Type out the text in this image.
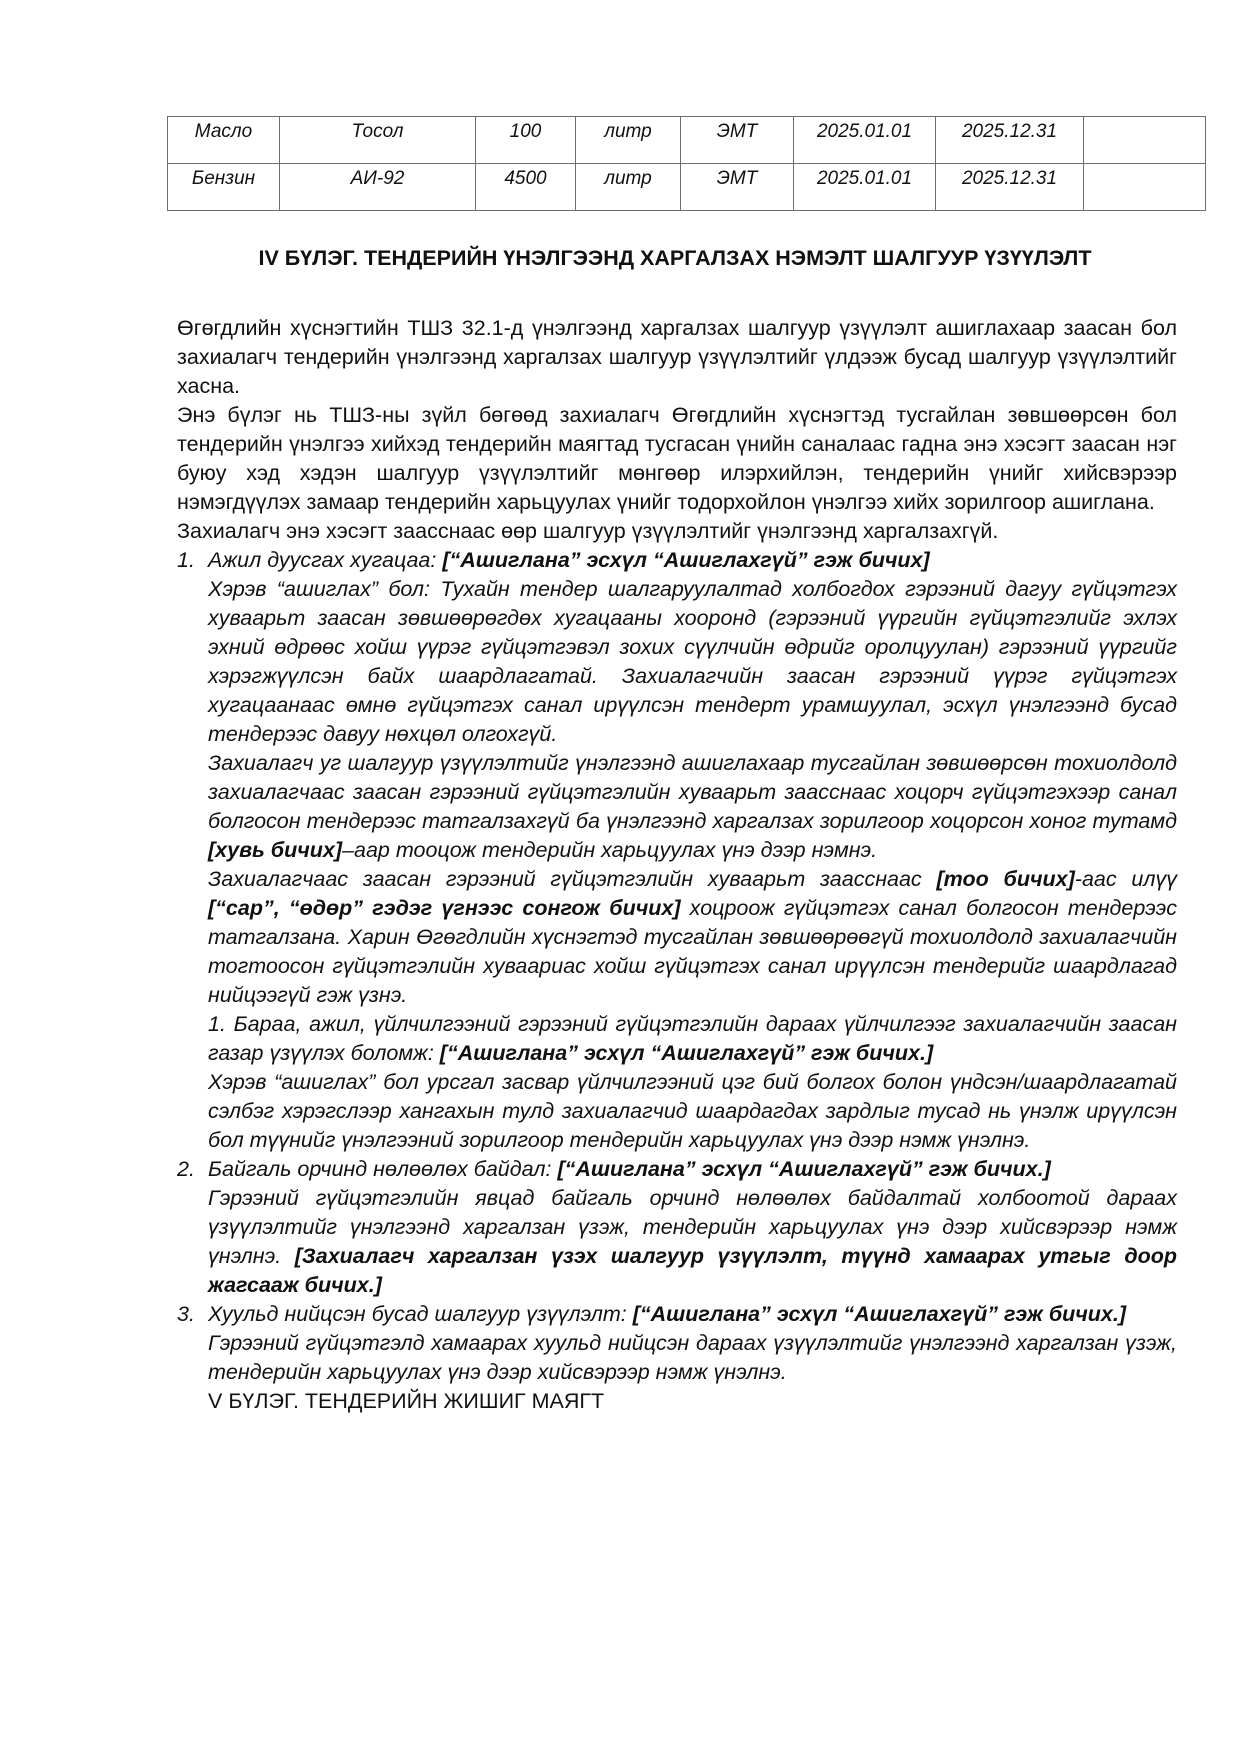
Масло	Тосол	100	литр	ЭМТ	2025.01.01	2025.12.31	
Бензин	АИ-92	4500	литр	ЭМТ	2025.01.01	2025.12.31	
IV БҮЛЭГ. ТЕНДЕРИЙН ҮНЭЛГЭЭНД ХАРГАЛЗАХ НЭМЭЛТ ШАЛГУУР ҮЗҮҮЛЭЛТ

Өгөгдлийн хүснэгтийн ТШЗ 32.1-д үнэлгээнд харгалзах шалгуур үзүүлэлт ашиглахаар заасан бол захиалагч тендерийн үнэлгээнд харгалзах шалгуур үзүүлэлтийг үлдээж бусад шалгуур үзүүлэлтийг хасна.

Энэ бүлэг нь ТШЗ-ны зүйл бөгөөд захиалагч Өгөгдлийн хүснэгтэд тусгайлан зөвшөөрсөн бол тендерийн үнэлгээ хийхэд тендерийн маягтад тусгасан үнийн саналаас гадна энэ хэсэгт заасан нэг буюу хэд хэдэн шалгуур үзүүлэлтийг мөнгөөр илэрхийлэн, тендерийн үнийг хийсвэрээр нэмэгдүүлэх замаар тендерийн харьцуулах үнийг тодорхойлон үнэлгээ хийх зорилгоор ашиглана.

Захиалагч энэ хэсэгт заасснаас өөр шалгуур үзүүлэлтийг үнэлгээнд харгалзахгүй.

1. Ажил дуусгах хугацаа: [“Ашиглана” эсхүл “Ашиглахгүй” гэж бичих]

Хэрэв “ашиглах” бол: Тухайн тендер шалгаруулалтад холбогдох гэрээний дагуу гүйцэтгэх хуваарьт заасан зөвшөөрөгдөх хугацааны хооронд (гэрээний үүргийн гүйцэтгэлийг эхлэх эхний өдрөөс хойш үүрэг гүйцэтгэвэл зохих сүүлчийн өдрийг оролцуулан) гэрээний үүргийг хэрэгжүүлсэн байх шаардлагатай. Захиалагчийн заасан гэрээний үүрэг гүйцэтгэх хугацаанаас өмнө гүйцэтгэх санал ирүүлсэн тендерт урамшуулал, эсхүл үнэлгээнд бусад тендерээс давуу нөхцөл олгохгүй.

Захиалагч уг шалгуур үзүүлэлтийг үнэлгээнд ашиглахаар тусгайлан зөвшөөрсөн тохиолдолд захиалагчаас заасан гэрээний гүйцэтгэлийн хуваарьт заасснаас хоцорч гүйцэтгэхээр санал болгосон тендерээс татгалзахгүй ба үнэлгээнд харгалзах зорилгоор хоцорсон хоног тутамд [хувь бичих]–аар тооцож тендерийн харьцуулах үнэ дээр нэмнэ.

Захиалагчаас заасан гэрээний гүйцэтгэлийн хуваарьт заасснаас [тоо бичих]-аас илүү [“сар”, “өдөр” гэдэг үгнээс сонгож бичих] хоцроож гүйцэтгэх санал болгосон тендерээс татгалзана. Харин Өгөгдлийн хүснэгтэд тусгайлан зөвшөөрөөгүй тохиолдолд захиалагчийн тогтоосон гүйцэтгэлийн хуваариас хойш гүйцэтгэх санал ирүүлсэн тендерийг шаардлагад нийцээгүй гэж үзнэ.

1. Бараа, ажил, үйлчилгээний гэрээний гүйцэтгэлийн дараах үйлчилгээг захиалагчийн заасан газар үзүүлэх боломж: [“Ашиглана” эсхүл “Ашиглахгүй” гэж бичих.]

Хэрэв “ашиглах” бол урсгал засвар үйлчилгээний цэг бий болгох болон үндсэн/шаардлагатай сэлбэг хэрэгслээр хангахын тулд захиалагчид шаардагдах зардлыг тусад нь үнэлж ирүүлсэн бол түүнийг үнэлгээний зорилгоор тендерийн харьцуулах үнэ дээр нэмж үнэлнэ.

2. Байгаль орчинд нөлөөлөх байдал: [“Ашиглана” эсхүл “Ашиглахгүй” гэж бичих.]

Гэрээний гүйцэтгэлийн явцад байгаль орчинд нөлөөлөх байдалтай холбоотой дараах үзүүлэлтийг үнэлгээнд харгалзан үзэж, тендерийн харьцуулах үнэ дээр хийсвэрээр нэмж үнэлнэ. [Захиалагч харгалзан үзэх шалгуур үзүүлэлт, түүнд хамаарах утгыг доор жагсааж бичих.]

3. Хуульд нийцсэн бусад шалгуур үзүүлэлт: [“Ашиглана” эсхүл “Ашиглахгүй” гэж бичих.]

Гэрээний гүйцэтгэлд хамаарах хуульд нийцсэн дараах үзүүлэлтийг үнэлгээнд харгалзан үзэж, тендерийн харьцуулах үнэ дээр хийсвэрээр нэмж үнэлнэ.

V БҮЛЭГ. ТЕНДЕРИЙН ЖИШИГ МАЯГТ
